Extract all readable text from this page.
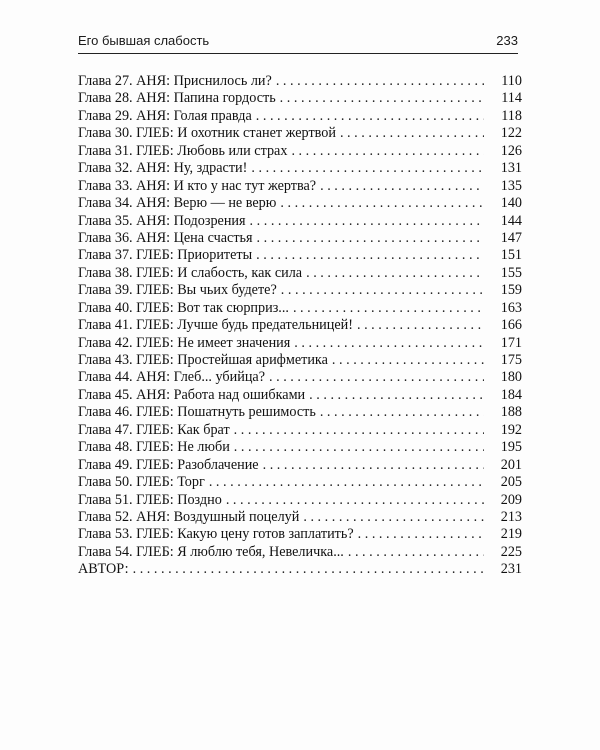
Его бывшая слабость	233
Глава 27. АНЯ: Приснилось ли? . . .	110
Глава 28. АНЯ: Папина гордость . . .	114
Глава 29. АНЯ: Голая правда . . .	118
Глава 30. ГЛЕБ: И охотник станет жертвой . . .	122
Глава 31. ГЛЕБ: Любовь или страх . . .	126
Глава 32. АНЯ: Ну, здрасти! . . .	131
Глава 33. АНЯ: И кто у нас тут жертва? . . .	135
Глава 34. АНЯ: Верю — не верю . . .	140
Глава 35. АНЯ: Подозрения . . .	144
Глава 36. АНЯ: Цена счастья . . .	147
Глава 37. ГЛЕБ: Приоритеты . . .	151
Глава 38. ГЛЕБ: И слабость, как сила . . .	155
Глава 39. ГЛЕБ: Вы чьих будете? . . .	159
Глава 40. ГЛЕБ: Вот так сюрприз... . . .	163
Глава 41. ГЛЕБ: Лучше будь предательницей! . . .	166
Глава 42. ГЛЕБ: Не имеет значения . . .	171
Глава 43. ГЛЕБ: Простейшая арифметика . . .	175
Глава 44. АНЯ: Глеб... убийца? . . .	180
Глава 45. АНЯ: Работа над ошибками . . .	184
Глава 46. ГЛЕБ: Пошатнуть решимость . . .	188
Глава 47. ГЛЕБ: Как брат . . .	192
Глава 48. ГЛЕБ: Не люби . . .	195
Глава 49. ГЛЕБ: Разоблачение . . .	201
Глава 50. ГЛЕБ: Торг . . .	205
Глава 51. ГЛЕБ: Поздно . . .	209
Глава 52. АНЯ: Воздушный поцелуй . . .	213
Глава 53. ГЛЕБ: Какую цену готов заплатить? . . .	219
Глава 54. ГЛЕБ: Я люблю тебя, Невеличка... . . .	225
АВТОР: . . .	231
